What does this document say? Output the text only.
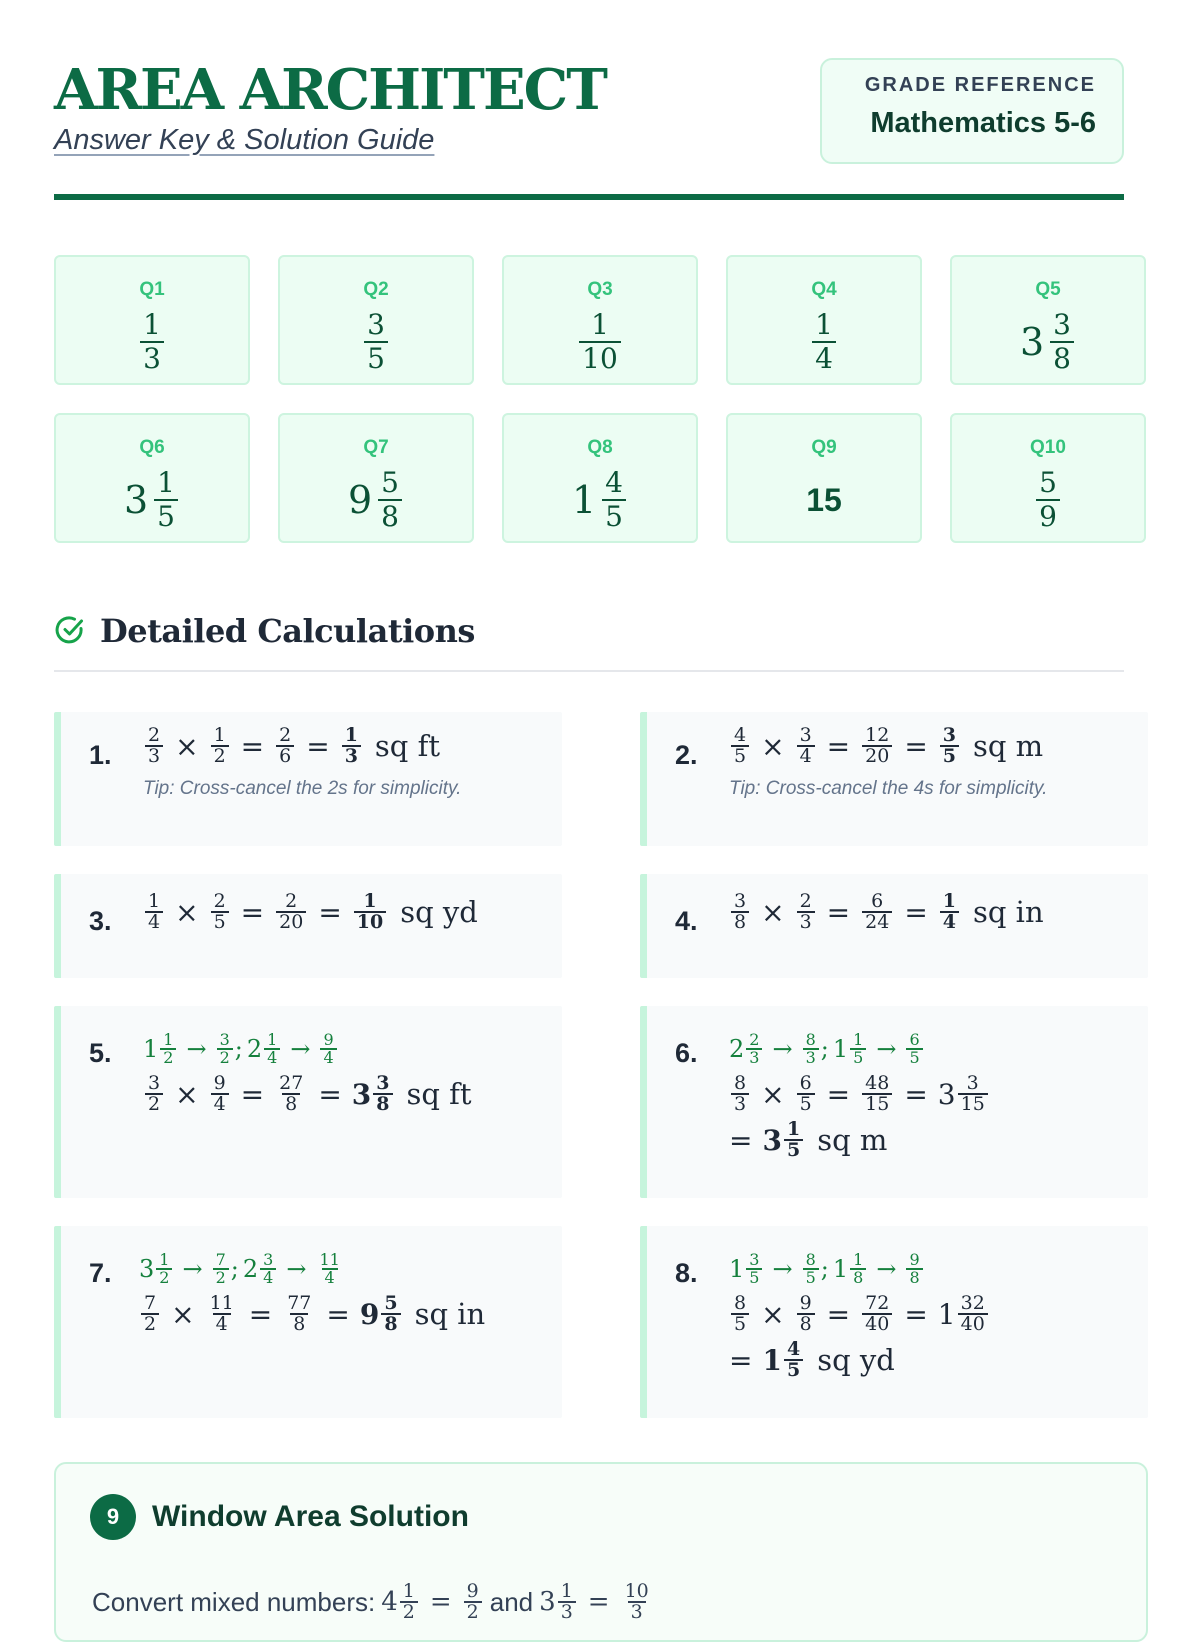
AREA ARCHITECT
Answer Key & Solution Guide
GRADE REFERENCE
Mathematics 5-6
Q1
$\frac{1}{3}$
Q2
$\frac{3}{5}$
Q3
$\frac{1}{10}$
Q4
$\frac{1}{4}$
Q5
$3 \frac{3}{8}$
Q6
$3 \frac{1}{5}$
Q7
$9 \frac{5}{8}$
Q8
$1 \frac{4}{5}$
Q9
15
Q10
$\frac{5}{9}$
Detailed Calculations
1. $\frac{2}{3} \times \frac{1}{2} = \frac{2}{6} = \frac{1}{3}$ sq ft
Tip: Cross-cancel the 2s for simplicity.
2. $\frac{4}{5} \times \frac{3}{4} = \frac{12}{20} = \frac{3}{5}$ sq m
Tip: Cross-cancel the 4s for simplicity.
3. $\frac{1}{4} \times \frac{2}{5} = \frac{2}{20} = \frac{1}{10}$ sq yd	4. $\frac{3}{8} \times \frac{2}{3} = \frac{6}{24} = \frac{1}{4}$ sq in
5. $1 \frac{1}{2} \to \frac{3}{2}$ ; $2 \frac{1}{4} \to \frac{9}{4}$
$\frac{3}{2} \times \frac{9}{4} = \frac{27}{8} = 3 \frac{3}{8}$ sq ft
6. $2 \frac{2}{3} \to \frac{8}{3}$ ; $1 \frac{1}{5} \to \frac{6}{5}$
$\frac{8}{3} \times \frac{6}{5} = \frac{48}{15} = 3 \frac{3}{15}$
= $3 \frac{1}{5}$ sq m
7. $3 \frac{1}{2} \to \frac{7}{2}$ ; $2 \frac{3}{4} \to \frac{11}{4}$
$\frac{7}{2} \times \frac{11}{4} = \frac{77}{8} = 9 \frac{5}{8}$ sq in
8. $1 \frac{3}{5} \to \frac{8}{5}$ ; $1 \frac{1}{8} \to \frac{9}{8}$
$\frac{8}{5} \times \frac{9}{8} = \frac{72}{40} = 1 \frac{32}{40}$
= $1 \frac{4}{5}$ sq yd
9	Window Area Solution
Convert mixed numbers: $4 \frac{1}{2} = \frac{9}{2}$ and $3 \frac{1}{3} = \frac{10}{3}$
